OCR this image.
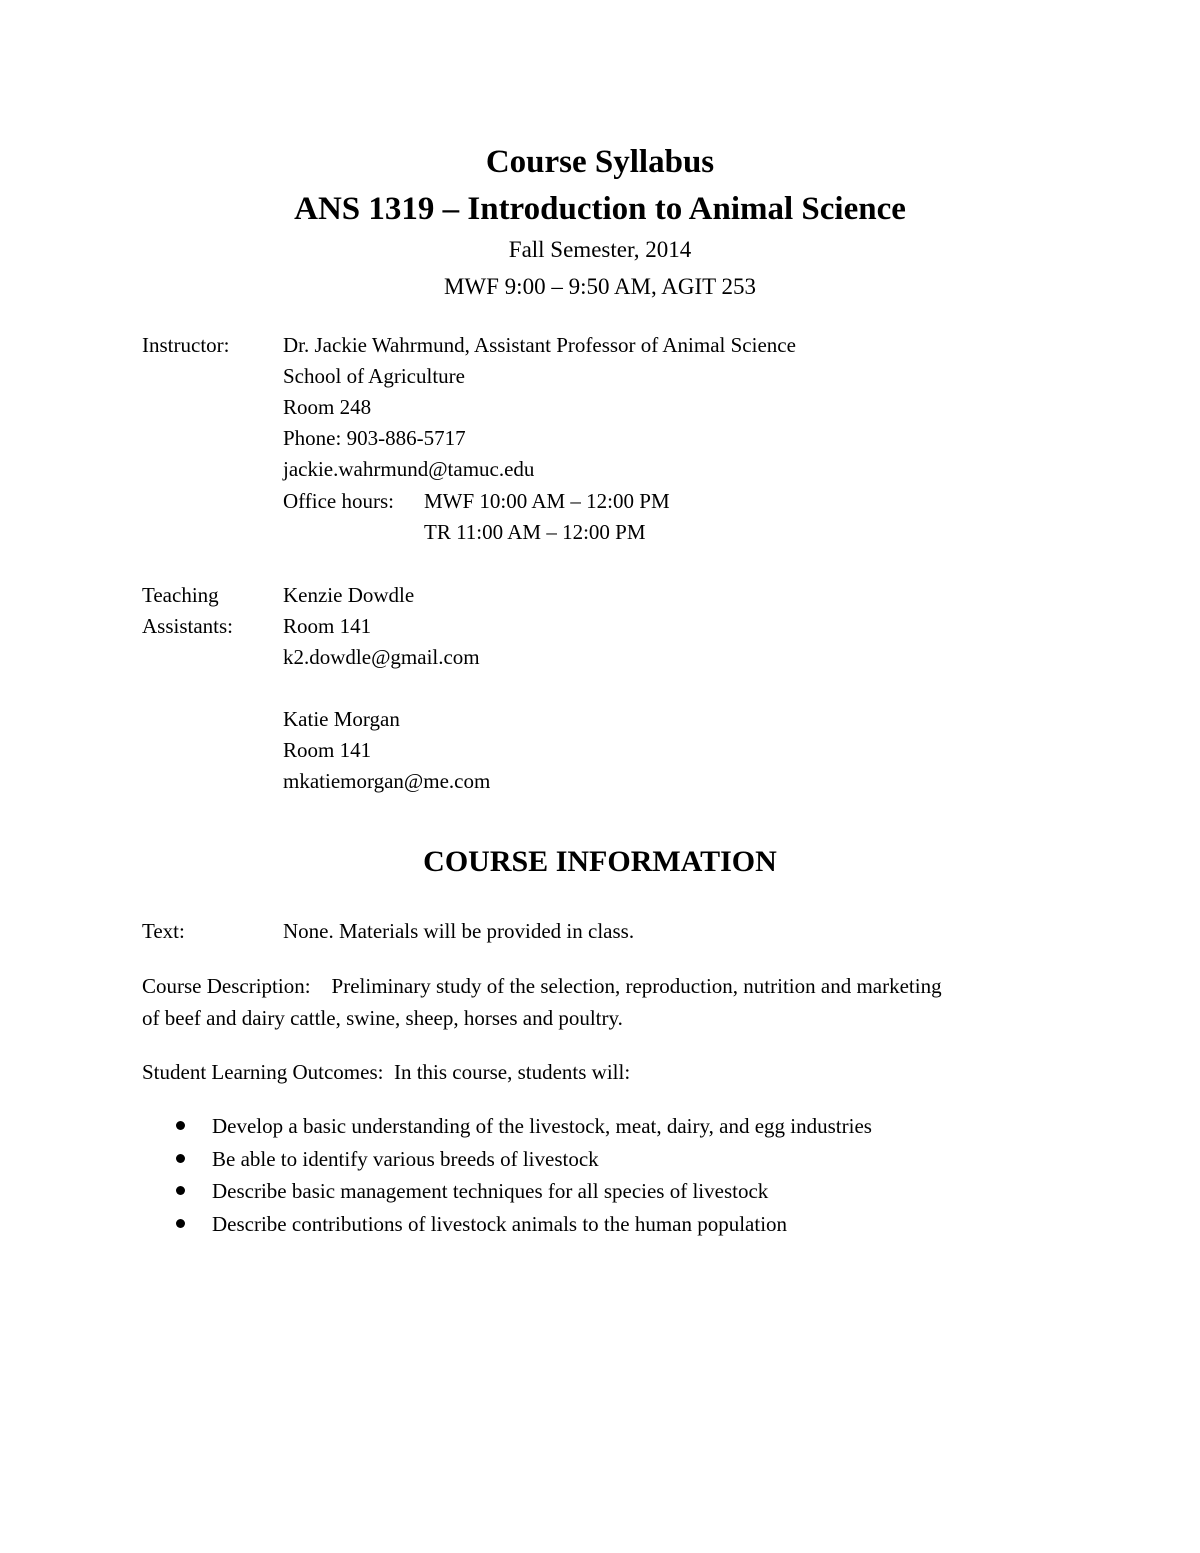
Course Syllabus
ANS 1319 – Introduction to Animal Science
Fall Semester, 2014
MWF 9:00 – 9:50 AM, AGIT 253
Instructor:	Dr. Jackie Wahrmund, Assistant Professor of Animal Science
School of Agriculture
Room 248
Phone: 903-886-5717
jackie.wahrmund@tamuc.edu
Office hours: MWF 10:00 AM – 12:00 PM
TR 11:00 AM – 12:00 PM
Teaching
Assistants:
Kenzie Dowdle
Room 141
k2.dowdle@gmail.com
Katie Morgan
Room 141
mkatiemorgan@me.com
COURSE INFORMATION
Text:	None. Materials will be provided in class.
Course Description:    Preliminary study of the selection, reproduction, nutrition and marketing
of beef and dairy cattle, swine, sheep, horses and poultry.
Student Learning Outcomes:  In this course, students will:
Develop a basic understanding of the livestock, meat, dairy, and egg industries
Be able to identify various breeds of livestock
Describe basic management techniques for all species of livestock
Describe contributions of livestock animals to the human population
